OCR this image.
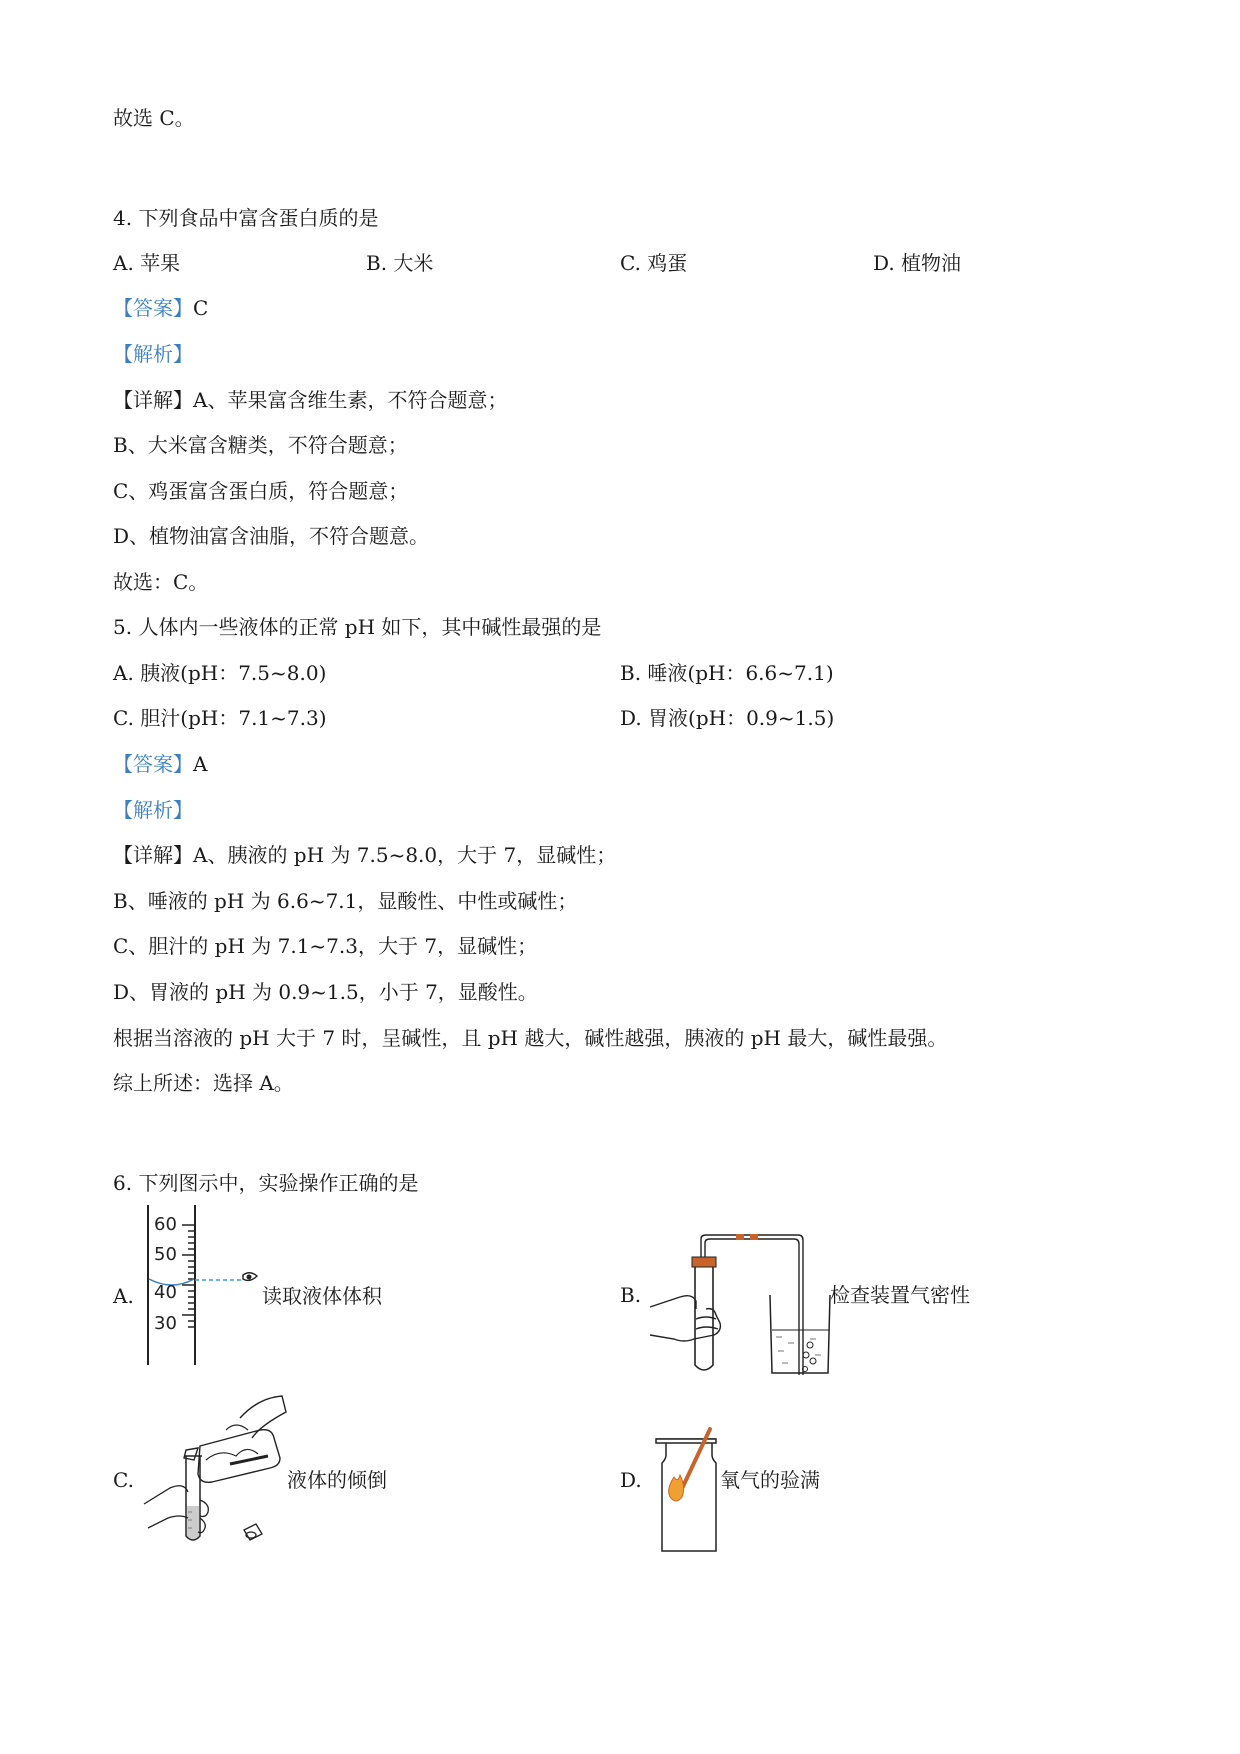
故选 C。
4. 下列食品中富含蛋白质的是
A. 苹果	B. 大米	C. 鸡蛋	D. 植物油
【答案】C
【解析】
【详解】A、苹果富含维生素，不符合题意；
B、大米富含糖类，不符合题意；
C、鸡蛋富含蛋白质，符合题意；
D、植物油富含油脂，不符合题意。
故选：C。
5. 人体内一些液体的正常 pH 如下，其中碱性最强的是
A. 胰液(pH：7.5~8.0)	B. 唾液(pH：6.6~7.1)
C. 胆汁(pH：7.1~7.3)	D. 胃液(pH：0.9~1.5)
【答案】A
【解析】
【详解】A、胰液的 pH 为 7.5~8.0，大于 7，显碱性；
B、唾液的 pH 为 6.6~7.1，显酸性、中性或碱性；
C、胆汁的 pH 为 7.1~7.3，大于 7，显碱性；
D、胃液的 pH 为 0.9~1.5，小于 7，显酸性。
根据当溶液的 pH 大于 7 时，呈碱性，且 pH 越大，碱性越强，胰液的 pH 最大，碱性最强。
综上所述：选择 A。
6. 下列图示中，实验操作正确的是
A.
60
50
40
30
读取液体体积	B.	检查装置气密性
C.	液体的倾倒	D.	氧气的验满
